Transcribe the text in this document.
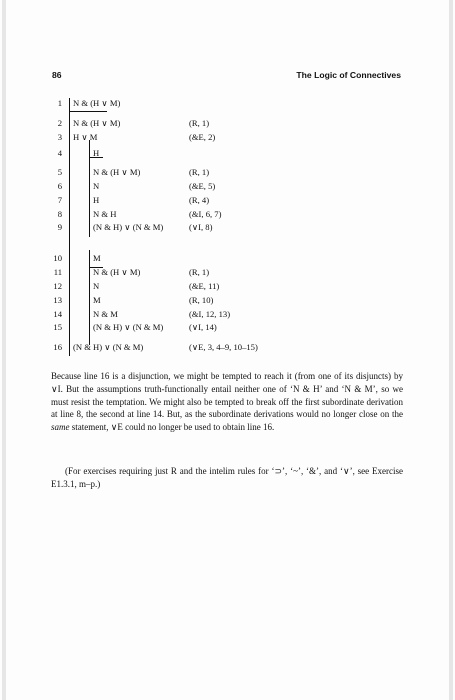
86	The Logic of Connectives
1 N & (H ∨ M)
2 N & (H ∨ M)	(R, 1)
3 H ∨ M	(&E, 2)
4	H
5	N & (H ∨ M)	(R, 1)
6	N	(&E, 5)
7	H	(R, 4)
8	N & H	(&I, 6, 7)
9	(N & H) ∨ (N & M)	(∨I, 8)
10	M
11	N & (H ∨ M)	(R, 1)
12	N	(&E, 11)
13	M	(R, 10)
14	N & M	(&I, 12, 13)
15	(N & H) ∨ (N & M)	(∨I, 14)
16 (N & H) ∨ (N & M)	(∨E, 3, 4–9, 10–15)

Because line 16 is a disjunction, we might be tempted to reach it (from one of its disjuncts) by ∨I. But the assumptions truth-functionally entail neither one of ‘N & H’ and ‘N & M’, so we must resist the temptation. We might also be tempted to break off the first subordinate derivation at line 8, the second at line 14. But, as the subordinate derivations would no longer close on the same statement, ∨E could no longer be used to obtain line 16.

(For exercises requiring just R and the intelim rules for ‘⊃’, ‘~’, ‘&’, and ‘∨’, see Exercise E1.3.1, m–p.)
